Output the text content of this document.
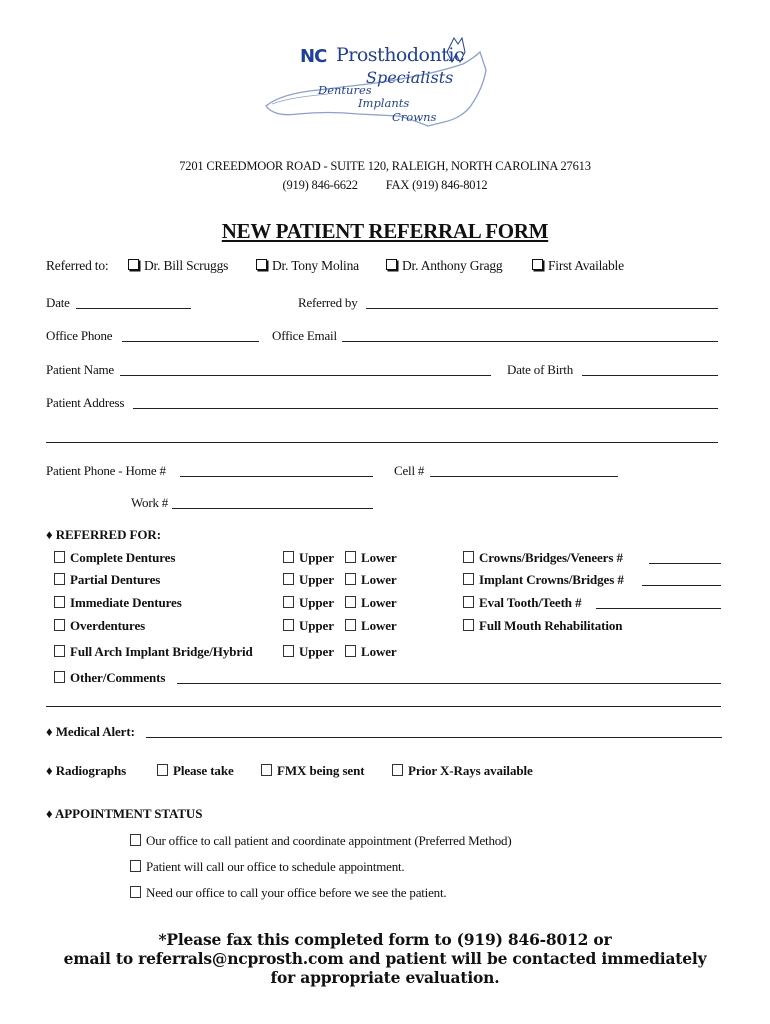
NC Prosthodontic
Specialists
Dentures
Implants
Crowns
7201 CREEDMOOR ROAD - SUITE 120, RALEIGH, NORTH CAROLINA 27613
(919) 846-6622 FAX (919) 846-8012
NEW PATIENT REFERRAL FORM
Referred to:	Dr. Bill Scruggs	Dr. Tony Molina	Dr. Anthony Gragg	First Available
Date	Referred by
Office Phone	Office Email
Patient Name	Date of Birth
Patient Address
Patient Phone - Home #	Cell #
Work #
♦ REFERRED FOR:
Complete Dentures	Upper	Lower	Crowns/Bridges/Veneers #
Partial Dentures	Upper	Lower	Implant Crowns/Bridges #
Immediate Dentures	Upper	Lower	Eval Tooth/Teeth #
Overdentures	Upper	Lower	Full Mouth Rehabilitation
Full Arch Implant Bridge/Hybrid	Upper	Lower
Other/Comments
♦ Medical Alert:
♦ Radiographs	Please take	FMX being sent	Prior X-Rays available
♦ APPOINTMENT STATUS
Our office to call patient and coordinate appointment (Preferred Method)
Patient will call our office to schedule appointment.
Need our office to call your office before we see the patient.
*Please fax this completed form to (919) 846-8012 or
email to referrals@ncprosth.com and patient will be contacted immediately
for appropriate evaluation.
